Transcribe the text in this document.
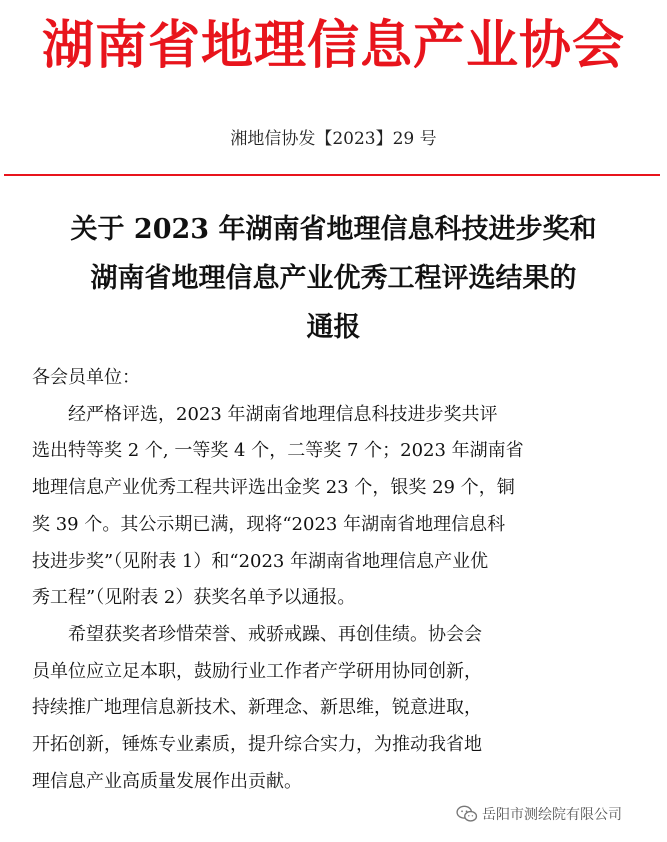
湖南省地理信息产业协会
湘地信协发【2023】29 号
关于 2023 年湖南省地理信息科技进步奖和
湖南省地理信息产业优秀工程评选结果的
通报
各会员单位：
经严格评选，2023 年湖南省地理信息科技进步奖共评
选出特等奖 2 个, 一等奖 4 个，二等奖 7 个；2023 年湖南省
地理信息产业优秀工程共评选出金奖 23 个，银奖 29 个，铜
奖 39 个。其公示期已满，现将“2023 年湖南省地理信息科
技进步奖”（见附表 1）和“2023 年湖南省地理信息产业优
秀工程”（见附表 2）获奖名单予以通报。
希望获奖者珍惜荣誉、戒骄戒躁、再创佳绩。协会会
员单位应立足本职，鼓励行业工作者产学研用协同创新，
持续推广地理信息新技术、新理念、新思维，锐意进取，
开拓创新，锤炼专业素质，提升综合实力，为推动我省地
理信息产业高质量发展作出贡献。
岳阳市测绘院有限公司
